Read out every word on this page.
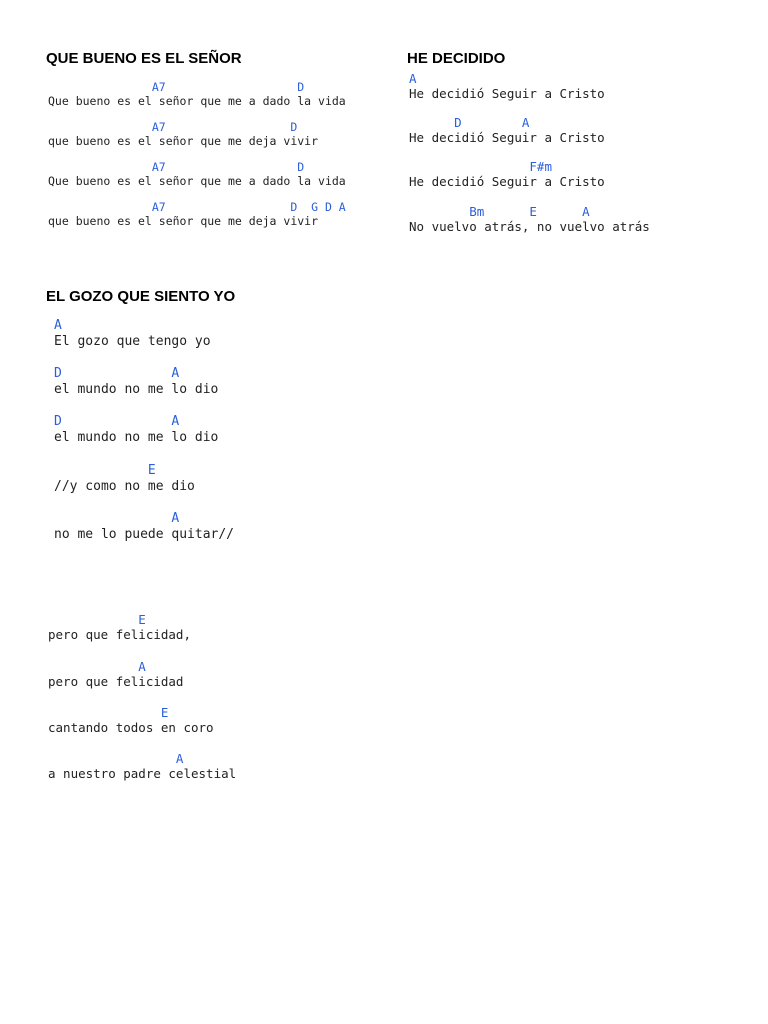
QUE BUENO ES EL SEÑOR
A7                   D
Que bueno es el señor que me a dado la vida
A7                  D
que bueno es el señor que me deja vivir
A7                   D
Que bueno es el señor que me a dado la vida
A7                  D  G D A
que bueno es el señor que me deja vivir
HE DECIDIDO
A
He decidió Seguir a Cristo
D        A
He decidió Seguir a Cristo
F#m
He decidió Seguir a Cristo
Bm      E      A
No vuelvo atrás, no vuelvo atrás
EL GOZO QUE SIENTO YO
A
El gozo que tengo yo
D              A
el mundo no me lo dio
D              A
el mundo no me lo dio
E
//y como no me dio
A
no me lo puede quitar//
E
pero que felicidad,
A
pero que felicidad
E
cantando todos en coro
A
a nuestro padre celestial
